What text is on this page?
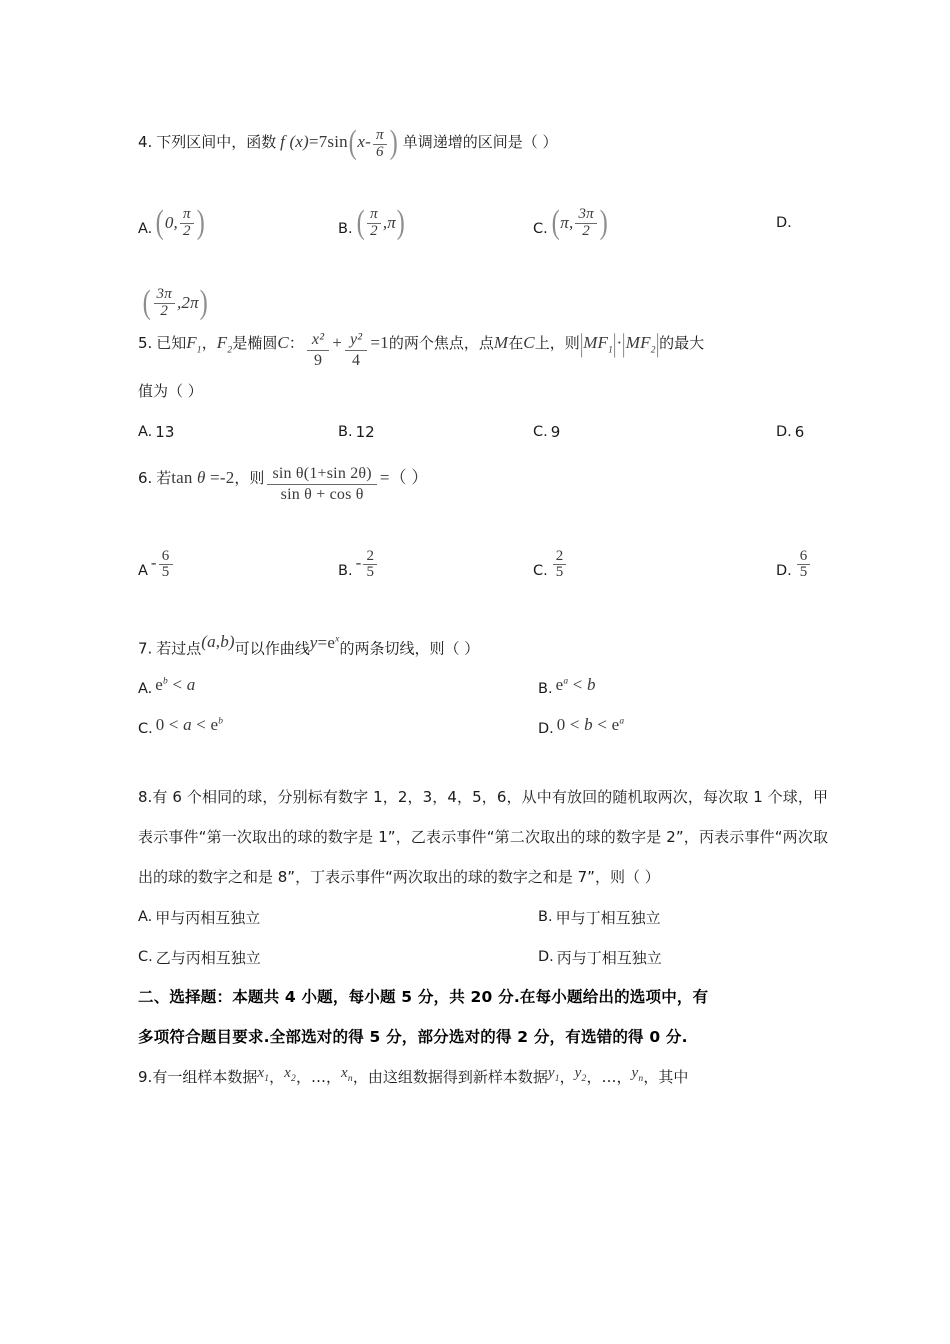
4. 下列区间中，函数 f $(x)=7\sin(x- \frac{\pi}{6}$ ) 单调递增的区间是（ ）
A. ( 0, $\frac{\pi}{2}$ )	B. ( $\frac{\pi}{2} ,\pi$ )	C. ( π, $\frac{3\pi}{2}$ )	D.
( $\frac{3\pi}{2} ,2\pi$ )
5. 已知$F_1$，$F_2$是椭圆C： $\frac{\text{x²}}{9} + \frac{\text{y²}}{4} =1$的两个焦点，点M在C上，则$|MF_1|\cdot|MF_2|$的最大
值为（ ）
A. 13	B. 12	C. 9	D. 6
6. 若tan θ =-2，则 $\frac{\text{sin θ(1+sin 2θ)}}{\text{sin θ + cos θ}}$ =（ ）
A - $\frac{6}{5}$	B. - $\frac{2}{5}$	C. $\frac{2}{5}$	D. $\frac{6}{5}$
7. 若过点(a,b)可以作曲线$y=e^x$的两条切线，则（ ）
A. $e^b < a$	B. $e^a < b$
C. $0 < a < e^b$	D. $0 < b < e^a$
8.有 6 个相同的球，分别标有数字 1，2，3，4，5，6，从中有放回的随机取两次，每次取 1 个球，甲表示事件“第一次取出的球的数字是 1”，乙表示事件“第二次取出的球的数字是 2”，丙表示事件“两次取出的球的数字之和是 8”，丁表示事件“两次取出的球的数字之和是 7”，则（ ）
A. 甲与丙相互独立	B. 甲与丁相互独立
C. 乙与丙相互独立	D. 丙与丁相互独立
二、选择题：本题共 4 小题，每小题 5 分，共 20 分.在每小题给出的选项中，有
多项符合题目要求.全部选对的得 5 分，部分选对的得 2 分，有选错的得 0 分.
9.有一组样本数据$x_1$，$x_2$，…，$x_n$，由这组数据得到新样本数据$y_1$，$y_2$，…，$y_n$，其中
